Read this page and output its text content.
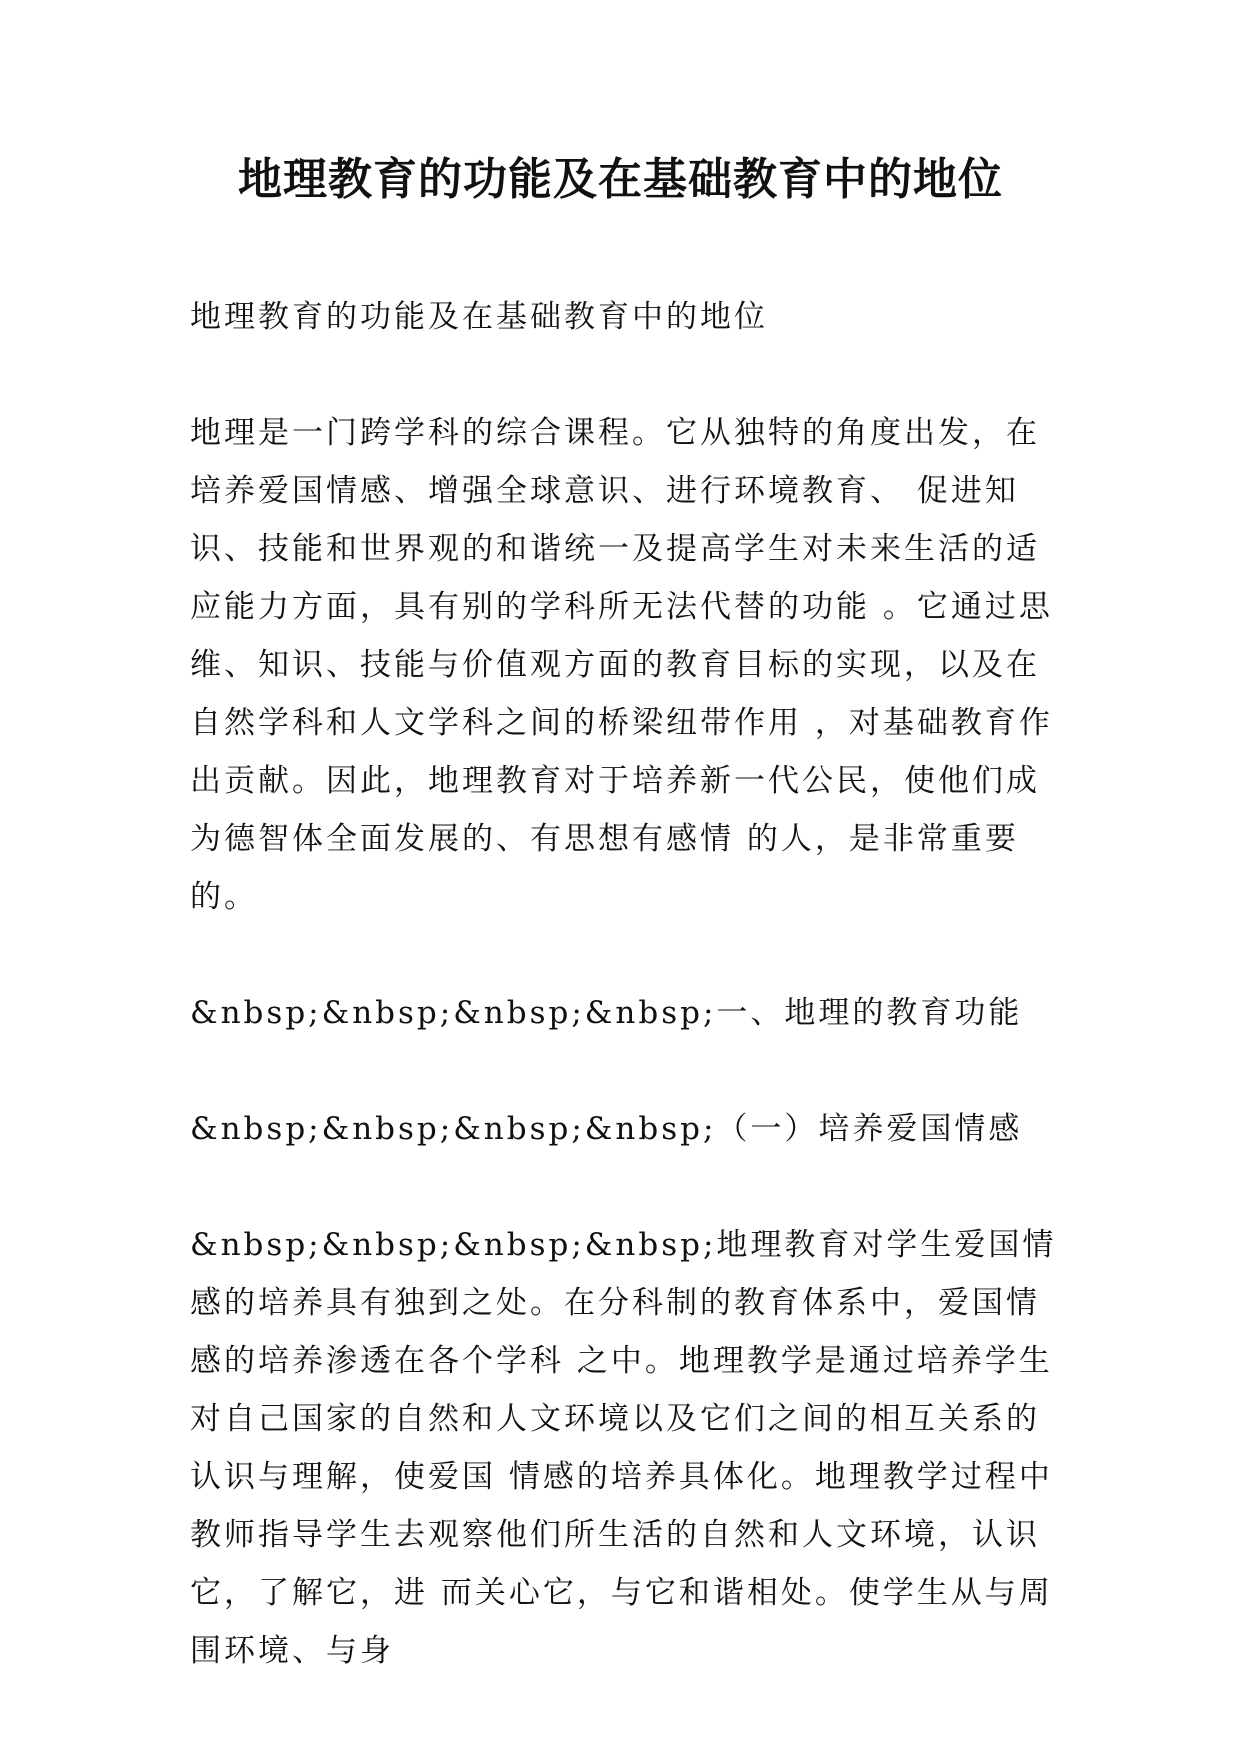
地理教育的功能及在基础教育中的地位

地理教育的功能及在基础教育中的地位

地理是一门跨学科的综合课程。它从独特的角度出发，在培养爱国情感、增强全球意识、进行环境教育、 促进知识、技能和世界观的和谐统一及提高学生对未来生活的适应能力方面，具有别的学科所无法代替的功能 。它通过思维、知识、技能与价值观方面的教育目标的实现，以及在自然学科和人文学科之间的桥梁纽带作用 ，对基础教育作出贡献。因此，地理教育对于培养新一代公民，使他们成为德智体全面发展的、有思想有感情 的人，是非常重要的。

&nbsp;&nbsp;&nbsp;&nbsp;一、地理的教育功能

&nbsp;&nbsp;&nbsp;&nbsp;（一）培养爱国情感

&nbsp;&nbsp;&nbsp;&nbsp;地理教育对学生爱国情感的培养具有独到之处。在分科制的教育体系中，爱国情感的培养渗透在各个学科 之中。地理教学是通过培养学生对自己国家的自然和人文环境以及它们之间的相互关系的认识与理解，使爱国 情感的培养具体化。地理教学过程中教师指导学生去观察他们所生活的自然和人文环境，认识它，了解它，进 而关心它，与它和谐相处。使学生从与周围环境、与身
